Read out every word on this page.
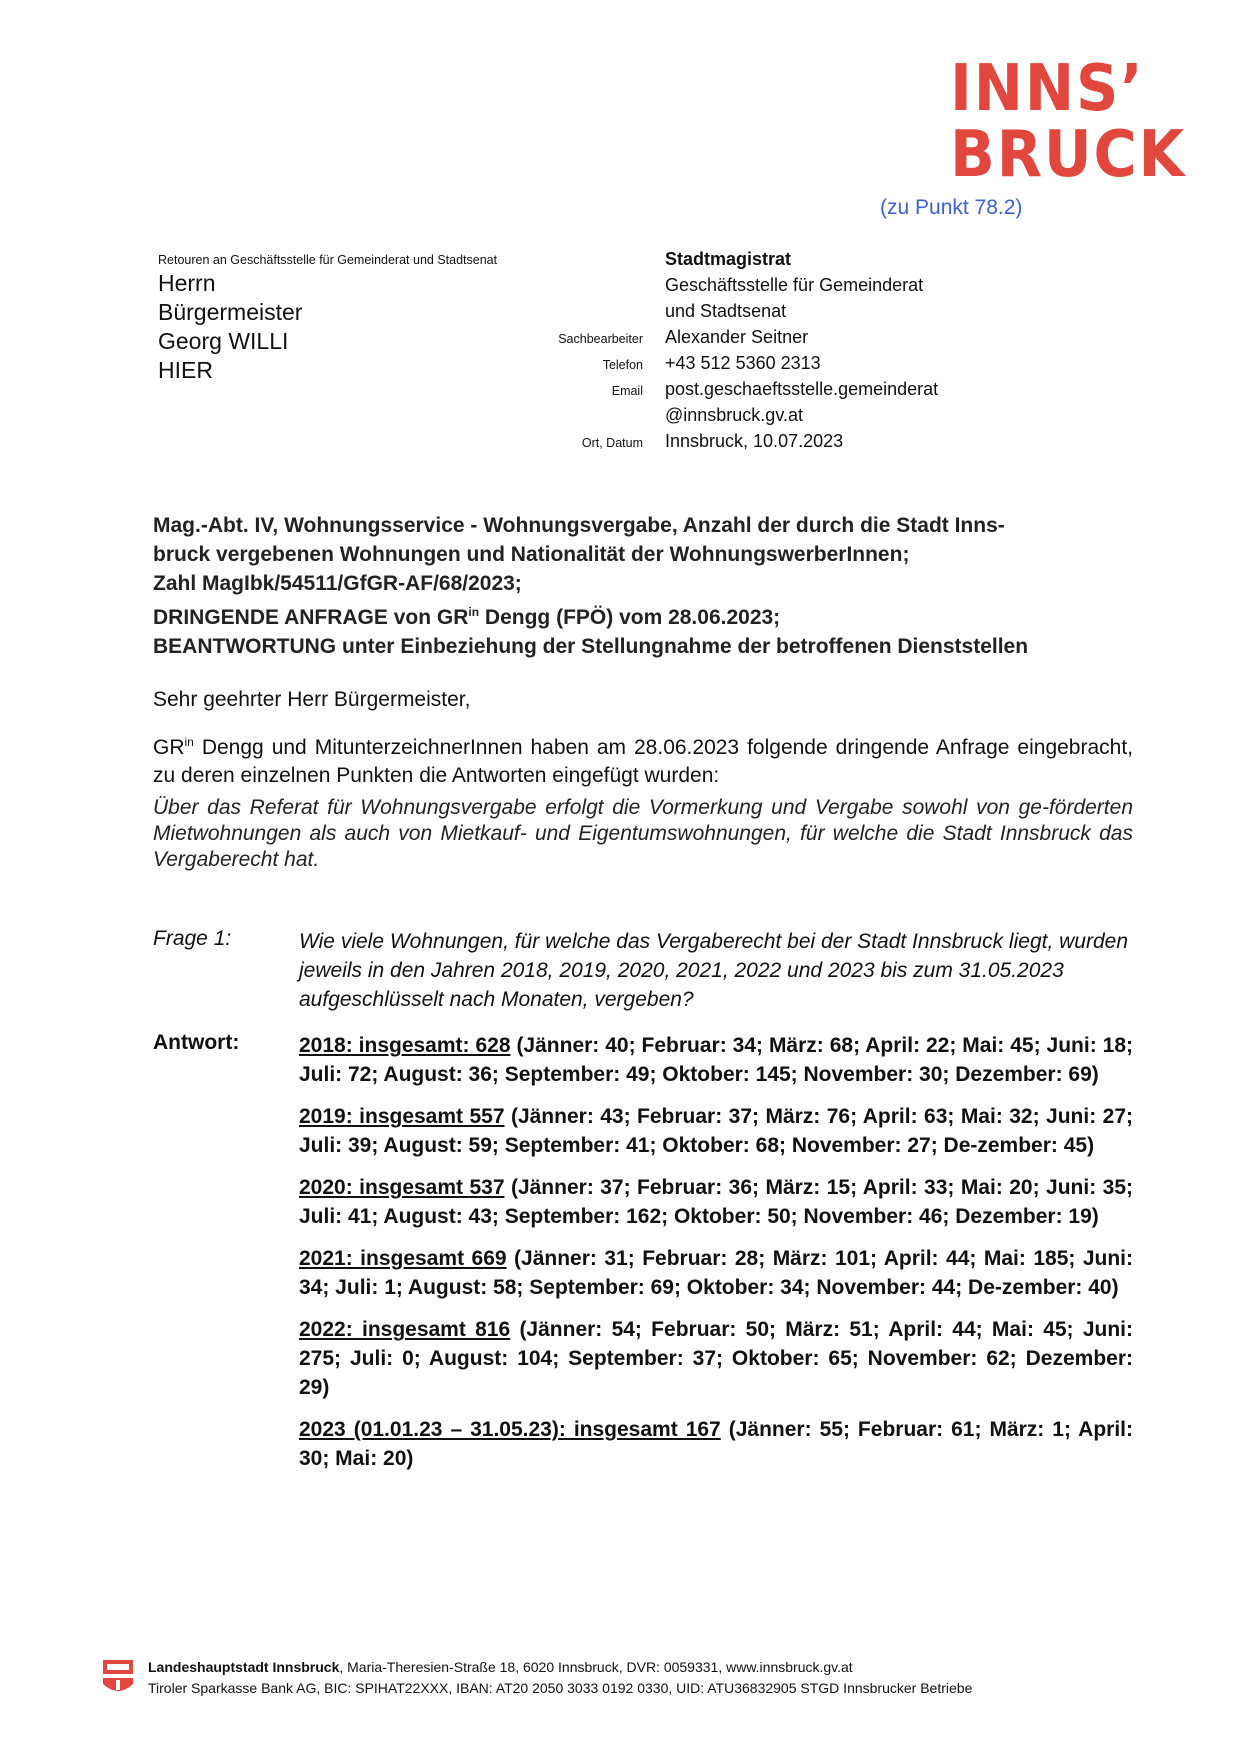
INNS’
BRUCK
(zu Punkt 78.2)
Retouren an Geschäftsstelle für Gemeinderat und Stadtsenat
Herrn
Bürgermeister
Georg WILLI
HIER
Stadtmagistrat
Geschäftsstelle für Gemeinderat
und Stadtsenat
Sachbearbeiter	Alexander Seitner
Telefon	+43 512 5360 2313
Email	post.geschaeftsstelle.gemeinderat
@innsbruck.gv.at
Ort, Datum	Innsbruck, 10.07.2023
Mag.-Abt. IV, Wohnungsservice - Wohnungsvergabe, Anzahl der durch die Stadt Inns-
bruck vergebenen Wohnungen und Nationalität der WohnungswerberInnen;
Zahl MagIbk/54511/GfGR-AF/68/2023;
DRINGENDE ANFRAGE von $GR^{in}$ Dengg (FPÖ) vom 28.06.2023;
BEANTWORTUNG unter Einbeziehung der Stellungnahme der betroffenen Dienststellen
Sehr geehrter Herr Bürgermeister,
$GR^{in}$ Dengg und MitunterzeichnerInnen haben am 28.06.2023 folgende dringende Anfrage eingebracht, zu deren einzelnen Punkten die Antworten eingefügt wurden:
Über das Referat für Wohnungsvergabe erfolgt die Vormerkung und Vergabe sowohl von ge-förderten Mietwohnungen als auch von Mietkauf- und Eigentumswohnungen, für welche die Stadt Innsbruck das Vergaberecht hat.
Frage 1:	Wie viele Wohnungen, für welche das Vergaberecht bei der Stadt Innsbruck liegt, wurden jeweils in den Jahren 2018, 2019, 2020, 2021, 2022 und 2023 bis zum 31.05.2023 aufgeschlüsselt nach Monaten, vergeben?
Antwort:	2018: insgesamt: 628 (Jänner: 40; Februar: 34; März: 68; April: 22; Mai: 45; Juni: 18; Juli: 72; August: 36; September: 49; Oktober: 145; November: 30; Dezember: 69)
2019: insgesamt 557 (Jänner: 43; Februar: 37; März: 76; April: 63; Mai: 32; Juni: 27; Juli: 39; August: 59; September: 41; Oktober: 68; November: 27; De-zember: 45)
2020: insgesamt 537 (Jänner: 37; Februar: 36; März: 15; April: 33; Mai: 20; Juni: 35; Juli: 41; August: 43; September: 162; Oktober: 50; November: 46; Dezember: 19)
2021: insgesamt 669 (Jänner: 31; Februar: 28; März: 101; April: 44; Mai: 185; Juni: 34; Juli: 1; August: 58; September: 69; Oktober: 34; November: 44; De-zember: 40)
2022: insgesamt 816 (Jänner: 54; Februar: 50; März: 51; April: 44; Mai: 45; Juni: 275; Juli: 0; August: 104; September: 37; Oktober: 65; November: 62; Dezember: 29)
2023 (01.01.23 – 31.05.23): insgesamt 167 (Jänner: 55; Februar: 61; März: 1; April: 30; Mai: 20)
Landeshauptstadt Innsbruck, Maria-Theresien-Straße 18, 6020 Innsbruck, DVR: 0059331, www.innsbruck.gv.at
Tiroler Sparkasse Bank AG, BIC: SPIHAT22XXX, IBAN: AT20 2050 3033 0192 0330, UID: ATU36832905 STGD Innsbrucker Betriebe
